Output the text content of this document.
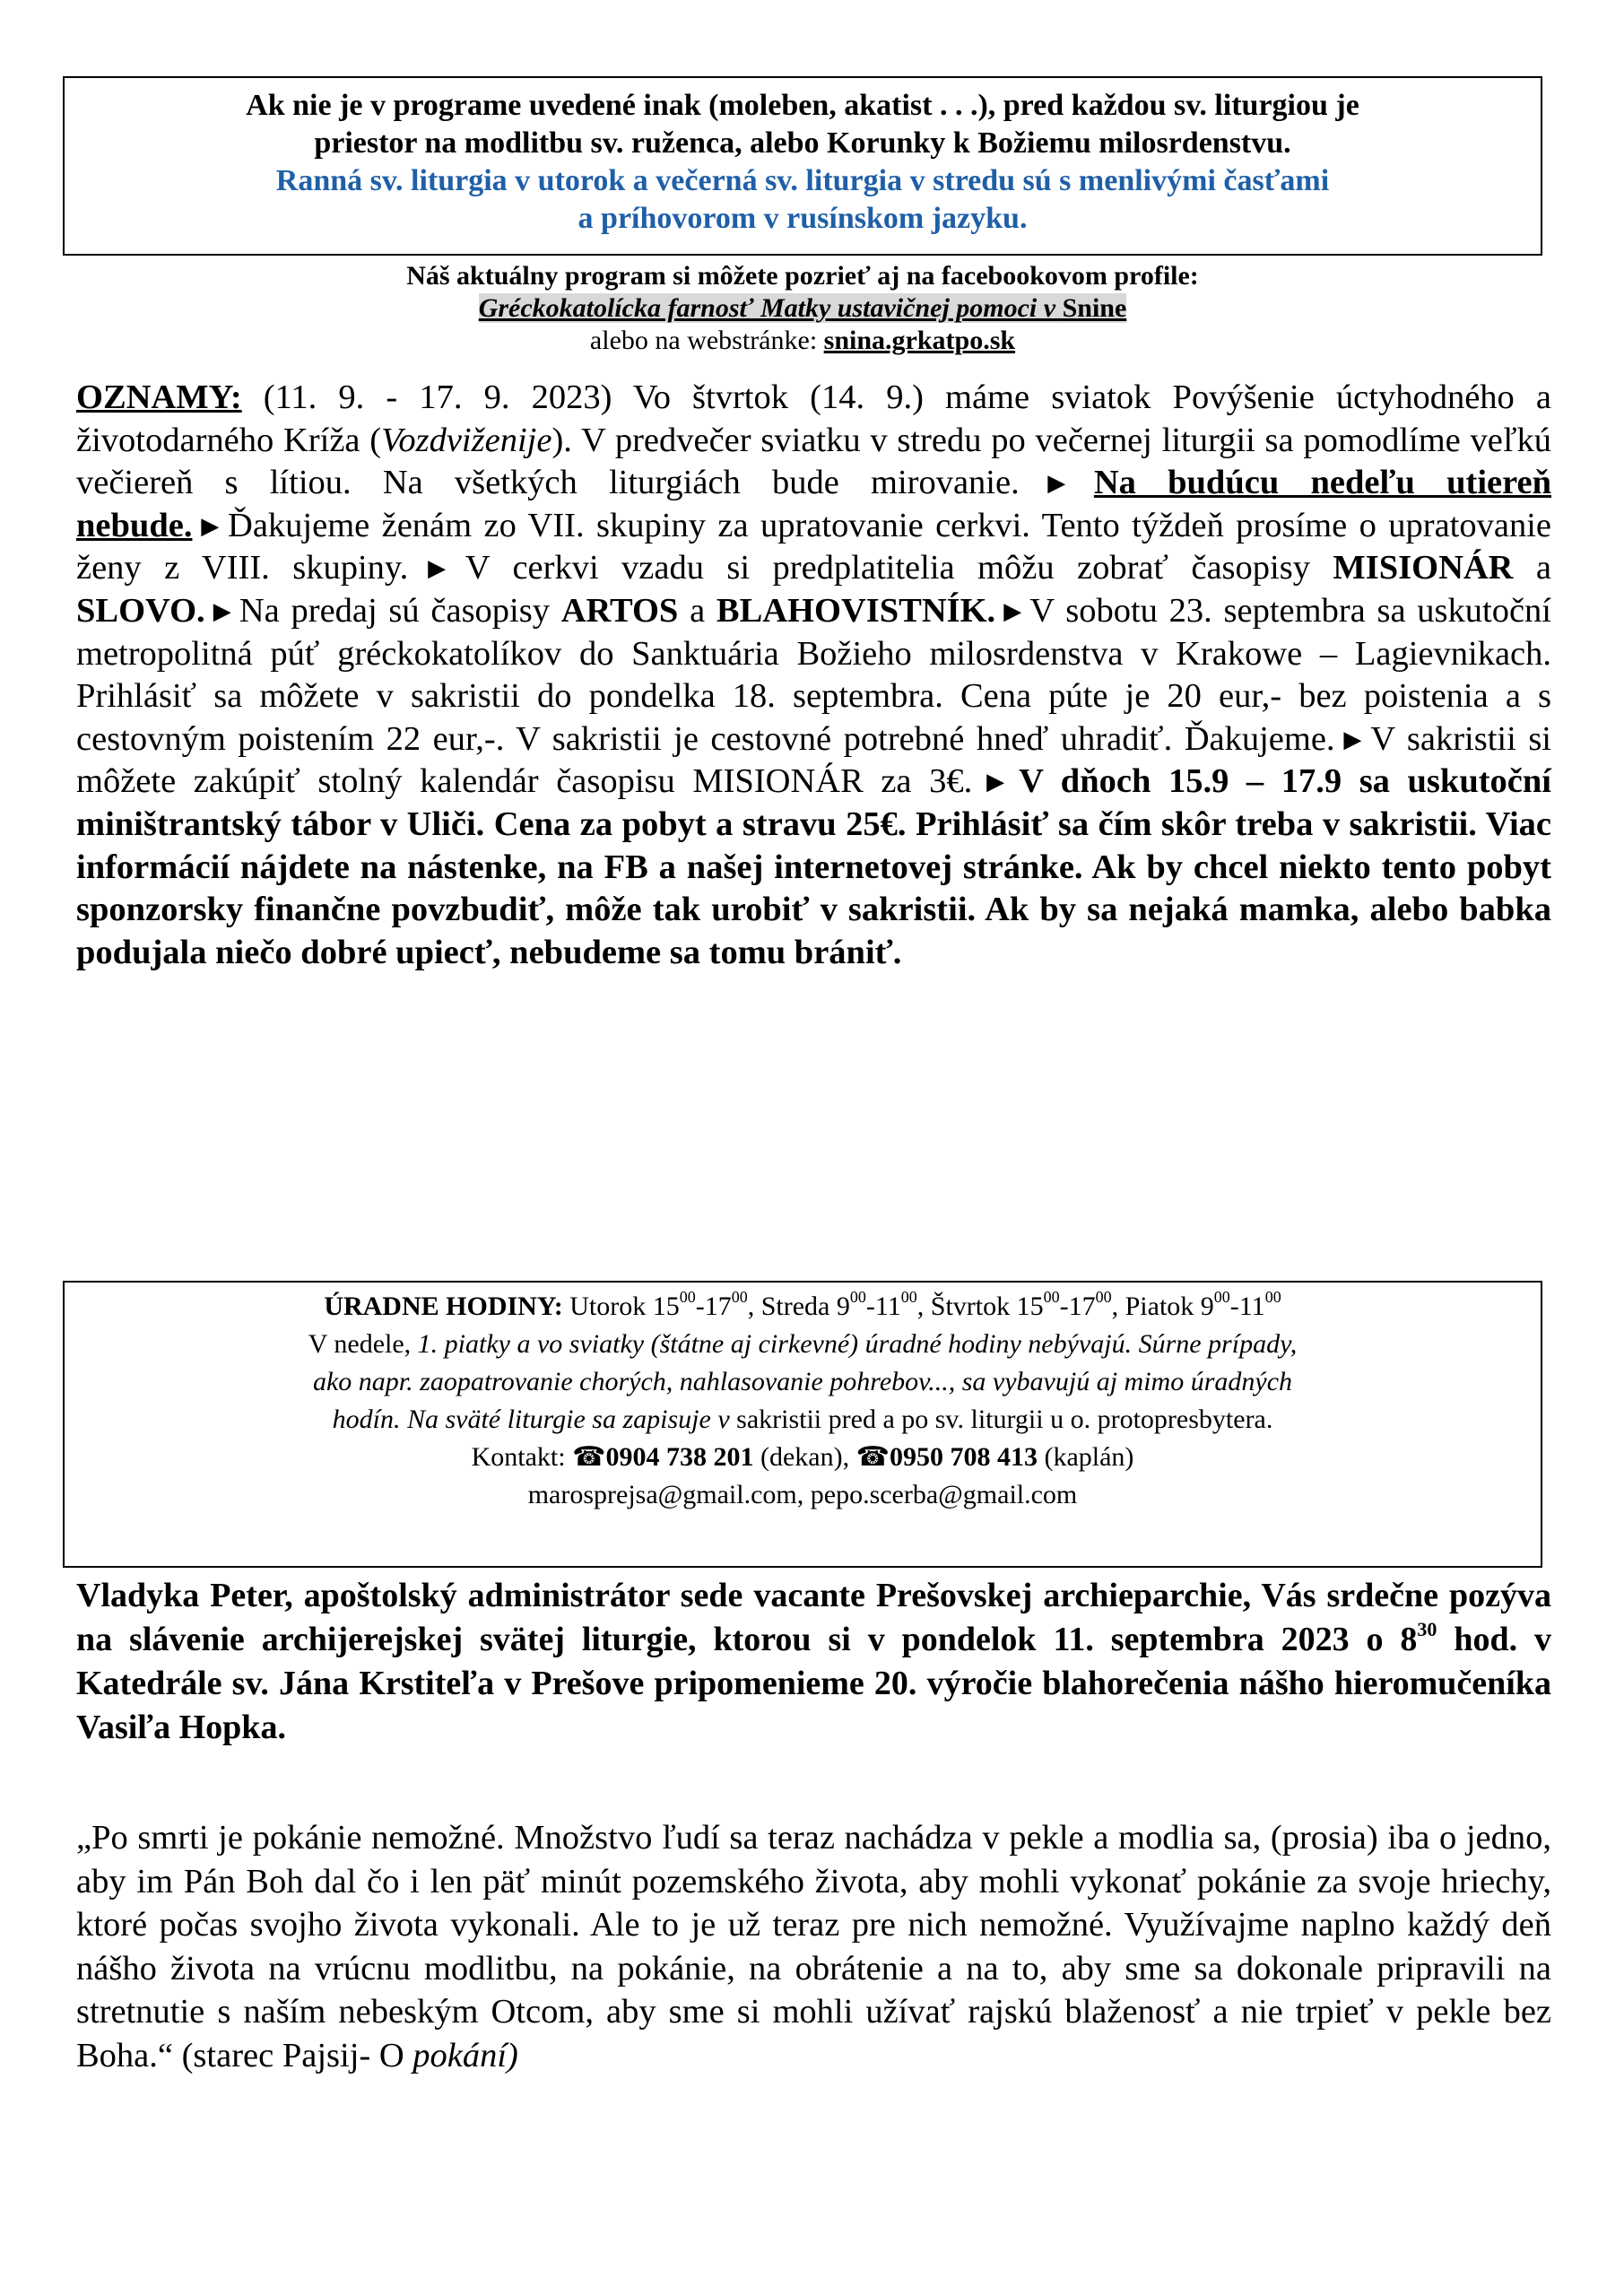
Ak nie je v programe uvedené inak (moleben, akatist . . .), pred každou sv. liturgiou je
priestor na modlitbu sv. ruženca, alebo Korunky k Božiemu milosrdenstvu.
Ranná sv. liturgia v utorok a večerná sv. liturgia v stredu sú s menlivými časťami
a príhovorom v rusínskom jazyku.
Náš aktuálny program si môžete pozrieť aj na facebookovom profile:
Gréckokatolícka farnosť Matky ustavičnej pomoci v Snine
alebo na webstránke: snina.grkatpo.sk
OZNAMY: (11. 9. - 17. 9. 2023) Vo štvrtok (14. 9.) máme sviatok Povýšenie úctyhodného a životodarného Kríža (Vozdviženije). V predvečer sviatku v stredu po večernej liturgii sa pomodlíme veľkú večiereň s lítiou. Na všetkých liturgiách bude mirovanie. ▶ Na budúcu nedeľu utiereň nebude. ▶ Ďakujeme ženám zo VII. skupiny za upratovanie cerkvi. Tento týždeň prosíme o upratovanie ženy z VIII. skupiny. ▶ V cerkvi vzadu si predplatitelia môžu zobrať časopisy MISIONÁR a SLOVO. ▶ Na predaj sú časopisy ARTOS a BLAHOVISTNÍK. ▶ V sobotu 23. septembra sa uskutoční metropolitná púť gréckokatolíkov do Sanktuária Božieho milosrdenstva v Krakowe – Lagievnikach. Prihlásiť sa môžete v sakristii do pondelka 18. septembra. Cena púte je 20 eur,- bez poistenia a s cestovným poistením 22 eur,-. V sakristii je cestovné potrebné hneď uhradiť. Ďakujeme. ▶ V sakristii si môžete zakúpiť stolný kalendár časopisu MISIONÁR za 3€. ▶ V dňoch 15.9 – 17.9 sa uskutoční miništrantský tábor v Uliči. Cena za pobyt a stravu 25€. Prihlásiť sa čím skôr treba v sakristii. Viac informácií nájdete na nástenke, na FB a našej internetovej stránke. Ak by chcel niekto tento pobyt sponzorsky finančne povzbudiť, môže tak urobiť v sakristii. Ak by sa nejaká mamka, alebo babka podujala niečo dobré upiecť, nebudeme sa tomu brániť.
ÚRADNE HODINY: Utorok $15^{00}-17^{00}$, Streda $9^{00}-11^{00}$, Štvrtok $15^{00}-17^{00}$, Piatok $9^{00}-11^{00}$
V nedele, 1. piatky a vo sviatky (štátne aj cirkevné) úradné hodiny nebývajú. Súrne prípady,
ako napr. zaopatrovanie chorých, nahlasovanie pohrebov..., sa vybavujú aj mimo úradných
hodín. Na sväté liturgie sa zapisuje v sakristii pred a po sv. liturgii u o. protopresbytera.
Kontakt: ☎0904 738 201 (dekan), ☎0950 708 413 (kaplán)
marosprejsa@gmail.com, pepo.scerba@gmail.com
Vladyka Peter, apoštolský administrátor sede vacante Prešovskej archieparchie, Vás srdečne pozýva na slávenie archijerejskej svätej liturgie, ktorou si v pondelok 11. septembra 2023 o $8^{30}$ hod. v Katedrále sv. Jána Krstiteľa v Prešove pripomenieme 20. výročie blahorečenia nášho hieromučeníka Vasiľa Hopka.
„Po smrti je pokánie nemožné. Množstvo ľudí sa teraz nachádza v pekle a modlia sa, (prosia) iba o jedno, aby im Pán Boh dal čo i len päť minút pozemského života, aby mohli vykonať pokánie za svoje hriechy, ktoré počas svojho života vykonali. Ale to je už teraz pre nich nemožné. Využívajme naplno každý deň nášho života na vrúcnu modlitbu, na pokánie, na obrátenie a na to, aby sme sa dokonale pripravili na stretnutie s naším nebeským Otcom, aby sme si mohli užívať rajskú blaženosť a nie trpieť v pekle bez Boha.“ (starec Pajsij- O pokání)
